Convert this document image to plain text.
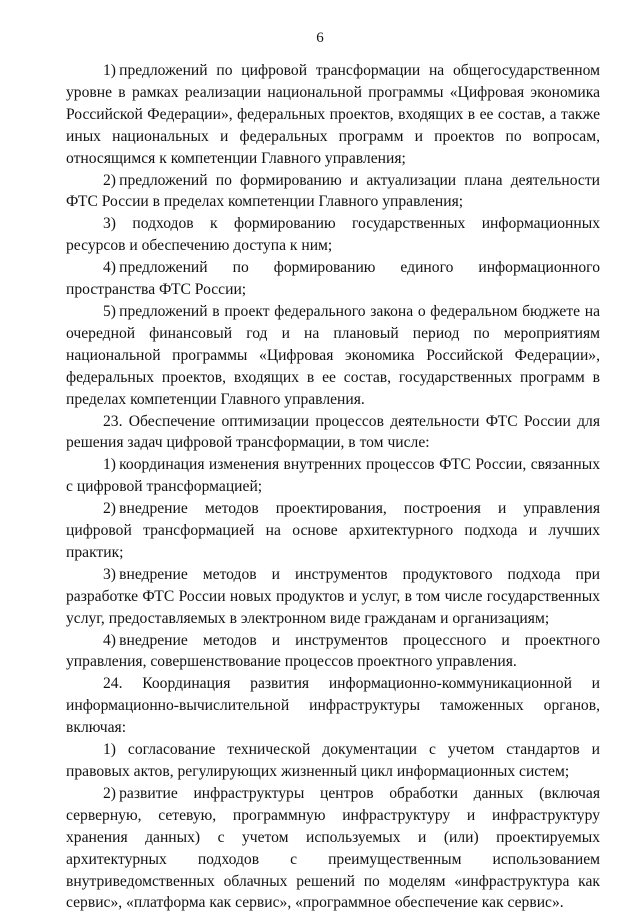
6

1) предложений по цифровой трансформации на общегосударственном уровне в рамках реализации национальной программы «Цифровая экономика Российской Федерации», федеральных проектов, входящих в ее состав, а также иных национальных и федеральных программ и проектов по вопросам, относящимся к компетенции Главного управления;

2) предложений по формированию и актуализации плана деятельности ФТС России в пределах компетенции Главного управления;

3) подходов к формированию государственных информационных ресурсов и обеспечению доступа к ним;

4) предложений по формированию единого информационного пространства ФТС России;

5) предложений в проект федерального закона о федеральном бюджете на очередной финансовый год и на плановый период по мероприятиям национальной программы «Цифровая экономика Российской Федерации», федеральных проектов, входящих в ее состав, государственных программ в пределах компетенции Главного управления.

23. Обеспечение оптимизации процессов деятельности ФТС России для решения задач цифровой трансформации, в том числе:

1) координация изменения внутренних процессов ФТС России, связанных с цифровой трансформацией;

2) внедрение методов проектирования, построения и управления цифровой трансформацией на основе архитектурного подхода и лучших практик;

3) внедрение методов и инструментов продуктового подхода при разработке ФТС России новых продуктов и услуг, в том числе государственных услуг, предоставляемых в электронном виде гражданам и организациям;

4) внедрение методов и инструментов процессного и проектного управления, совершенствование процессов проектного управления.

24. Координация развития информационно-коммуникационной и информационно-вычислительной инфраструктуры таможенных органов, включая:

1) согласование технической документации с учетом стандартов и правовых актов, регулирующих жизненный цикл информационных систем;

2) развитие инфраструктуры центров обработки данных (включая серверную, сетевую, программную инфраструктуру и инфраструктуру хранения данных) с учетом используемых и (или) проектируемых архитектурных подходов с преимущественным использованием внутриведомственных облачных решений по моделям «инфраструктура как сервис», «платформа как сервис», «программное обеспечение как сервис».
